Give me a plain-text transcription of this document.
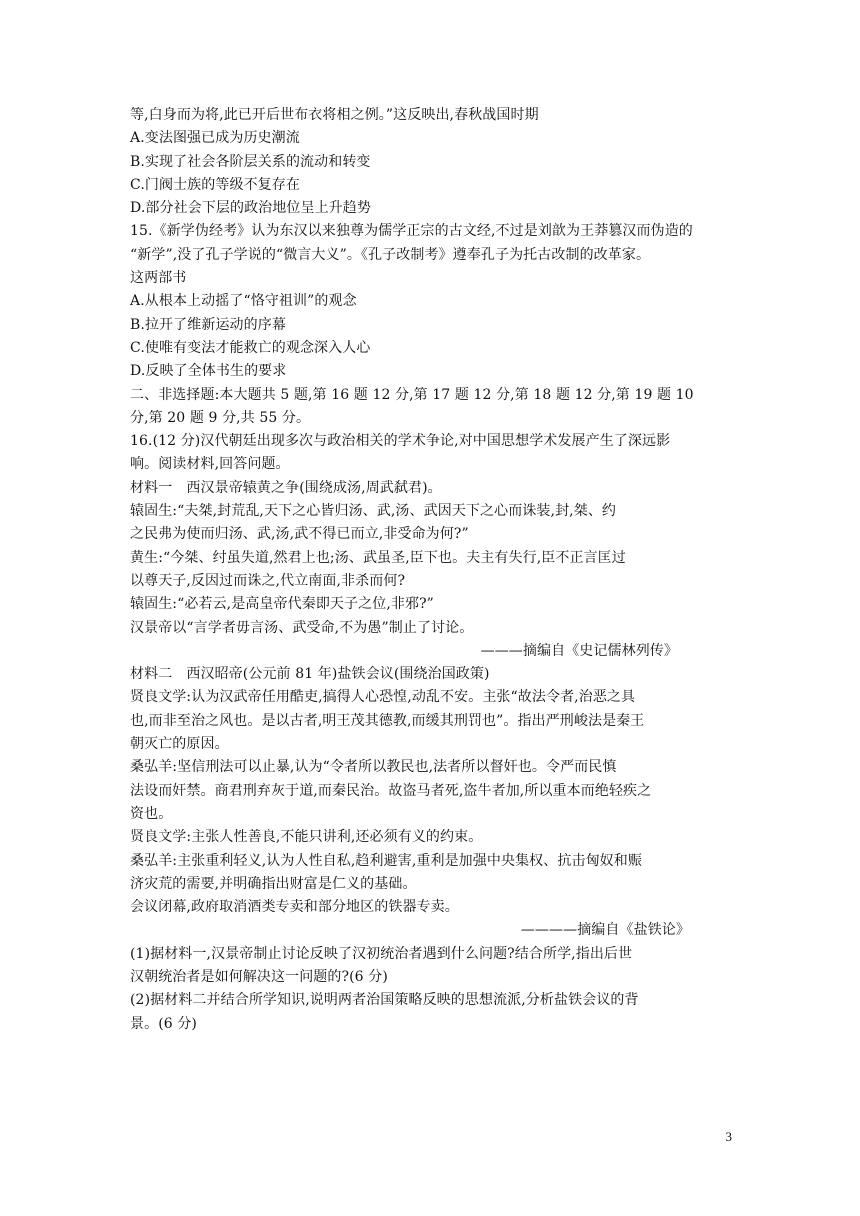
等,白身而为将,此已开后世布衣将相之例。”这反映出,春秋战国时期
A.变法图强已成为历史潮流
B.实现了社会各阶层关系的流动和转变
C.门阀士族的等级不复存在
D.部分社会下层的政治地位呈上升趋势
15.《新学伪经考》认为东汉以来独尊为儒学正宗的古文经,不过是刘歆为王莽篡汉而伪造的
“新学”,没了孔子学说的“微言大义”。《孔子改制考》遵奉孔子为托古改制的改革家。
这两部书
A.从根本上动摇了“恪守祖训”的观念
B.拉开了维新运动的序幕
C.使唯有变法才能救亡的观念深入人心
D.反映了全体书生的要求
二、非选择题:本大题共 5 题,第 16 题 12 分,第 17 题 12 分,第 18 题 12 分,第 19 题 10
分,第 20 题 9 分,共 55 分。
16.(12 分)汉代朝廷出现多次与政治相关的学术争论,对中国思想学术发展产生了深远影
响。阅读材料,回答问题。
材料一　西汉景帝辕黄之争(围绕成汤,周武弑君)。
辕固生:“夫桀,封荒乱,天下之心皆归汤、武,汤、武因天下之心而诛装,封,桀、约
之民弗为使而归汤、武,汤,武不得已而立,非受命为何?”
黄生:“今桀、纣虽失道,然君上也;汤、武虽圣,臣下也。夫主有失行,臣不正言匡过
以尊天子,反因过而诛之,代立南面,非杀而何?
辕固生:“必若云,是高皇帝代秦即天子之位,非邪?”
汉景帝以“言学者毋言汤、武受命,不为愚”制止了讨论。
———摘编自《史记儒林列传》
材料二　西汉昭帝(公元前 81 年)盐铁会议(围绕治国政策)
贤良文学:认为汉武帝任用酷吏,搞得人心恐惶,动乱不安。主张“故法令者,治恶之具
也,而非至治之风也。是以古者,明王茂其德教,而缓其刑罚也”。指出严刑峻法是秦王
朝灭亡的原因。
桑弘羊:坚信刑法可以止暴,认为“令者所以教民也,法者所以督奸也。令严而民慎
法设而奸禁。商君刑弃灰于道,而秦民治。故盗马者死,盗牛者加,所以重本而绝轻疾之
资也。
贤良文学:主张人性善良,不能只讲利,还必须有义的约束。
桑弘羊:主张重利轻义,认为人性自私,趋利避害,重利是加强中央集权、抗击匈奴和赈
济灾荒的需要,并明确指出财富是仁义的基础。
会议闭幕,政府取消酒类专卖和部分地区的铁器专卖。
————摘编自《盐铁论》
(1)据材料一,汉景帝制止讨论反映了汉初统治者遇到什么问题?结合所学,指出后世
汉朝统治者是如何解决这一问题的?(6 分)
(2)据材料二并结合所学知识,说明两者治国策略反映的思想流派,分析盐铁会议的背
景。(6 分)
3
